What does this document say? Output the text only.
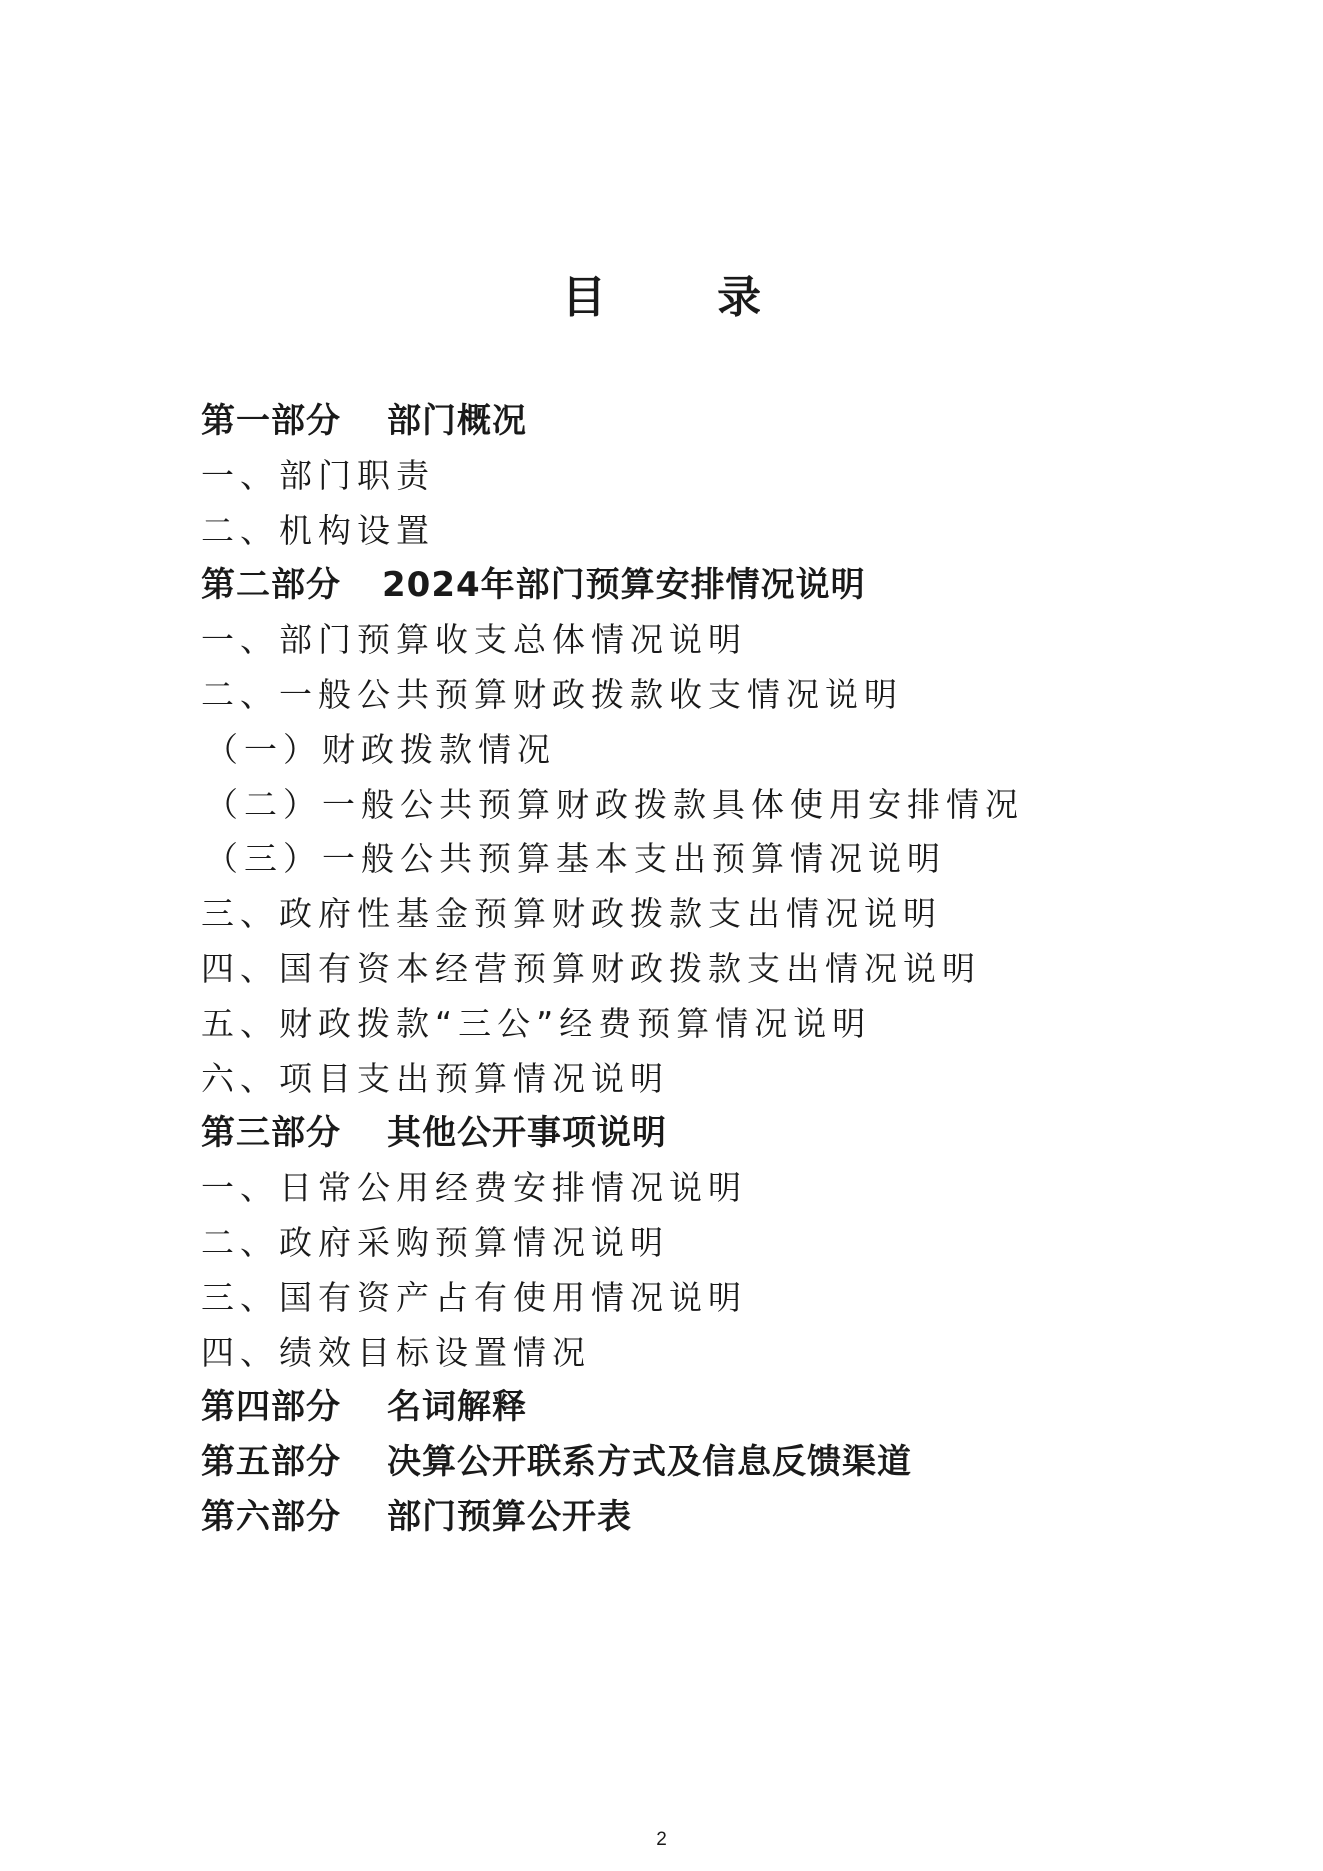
目 录
第一部分 部门概况
一、部门职责
二、机构设置
第二部分 2024年部门预算安排情况说明
一、部门预算收支总体情况说明
二、一般公共预算财政拨款收支情况说明
（一）财政拨款情况
（二）一般公共预算财政拨款具体使用安排情况
（三）一般公共预算基本支出预算情况说明
三、政府性基金预算财政拨款支出情况说明
四、国有资本经营预算财政拨款支出情况说明
五、财政拨款“三公”经费预算情况说明
六、项目支出预算情况说明
第三部分 其他公开事项说明
一、日常公用经费安排情况说明
二、政府采购预算情况说明
三、国有资产占有使用情况说明
四、绩效目标设置情况
第四部分 名词解释
第五部分 决算公开联系方式及信息反馈渠道
第六部分 部门预算公开表
2
